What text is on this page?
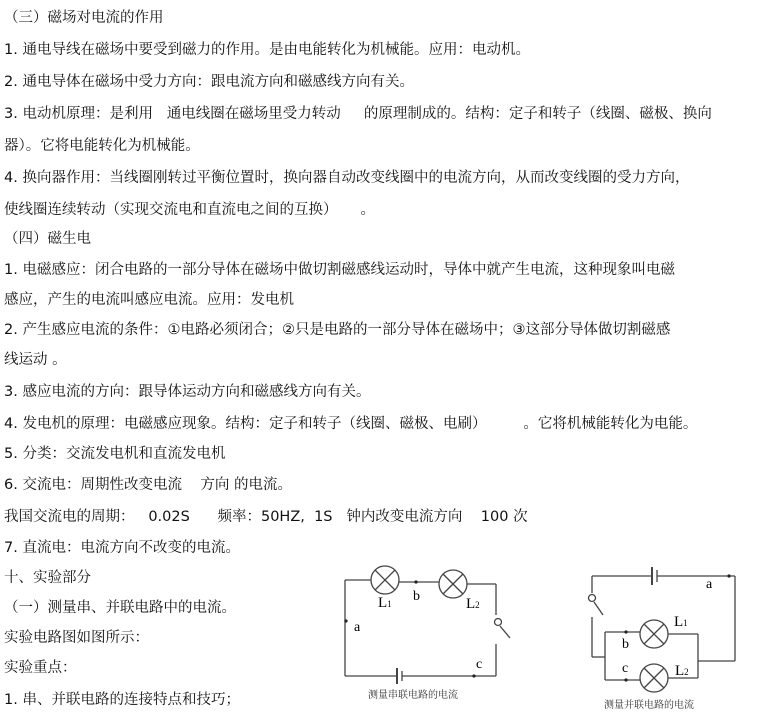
（三）磁场对电流的作用
1. 通电导线在磁场中要受到磁力的作用。是由电能转化为机械能。应用：电动机。
2. 通电导体在磁场中受力方向：跟电流方向和磁感线方向有关。
3. 电动机原理：是利用   通电线圈在磁场里受力转动     的原理制成的。结构：定子和转子（线圈、磁极、换向
器）。它将电能转化为机械能。
4. 换向器作用：当线圈刚转过平衡位置时，换向器自动改变线圈中的电流方向，从而改变线圈的受力方向，
使线圈连续转动（实现交流电和直流电之间的互换）     。
（四）磁生电
1. 电磁感应：闭合电路的一部分导体在磁场中做切割磁感线运动时，导体中就产生电流，这种现象叫电磁
感应，产生的电流叫感应电流。应用：发电机
2. 产生感应电流的条件：①电路必须闭合；②只是电路的一部分导体在磁场中；③这部分导体做切割磁感
线运动 。
3. 感应电流的方向：跟导体运动方向和磁感线方向有关。
4. 发电机的原理：电磁感应现象。结构：定子和转子（线圈、磁极、电刷）        。它将机械能转化为电能。
5. 分类：交流发电机和直流发电机
6. 交流电：周期性改变电流    方向 的电流。
我国交流电的周期：   0.02S      频率：50HZ,  1S   钟内改变电流方向    100 次
7. 直流电：电流方向不改变的电流。
十、实验部分
（一）测量串、并联电路中的电流。
实验电路图如图所示：
实验重点：
1. 串、并联电路的连接特点和技巧；
L1	L2
a
b
c
测量串联电路的电流
L1
L2
a
b
c
测量并联电路的电流
